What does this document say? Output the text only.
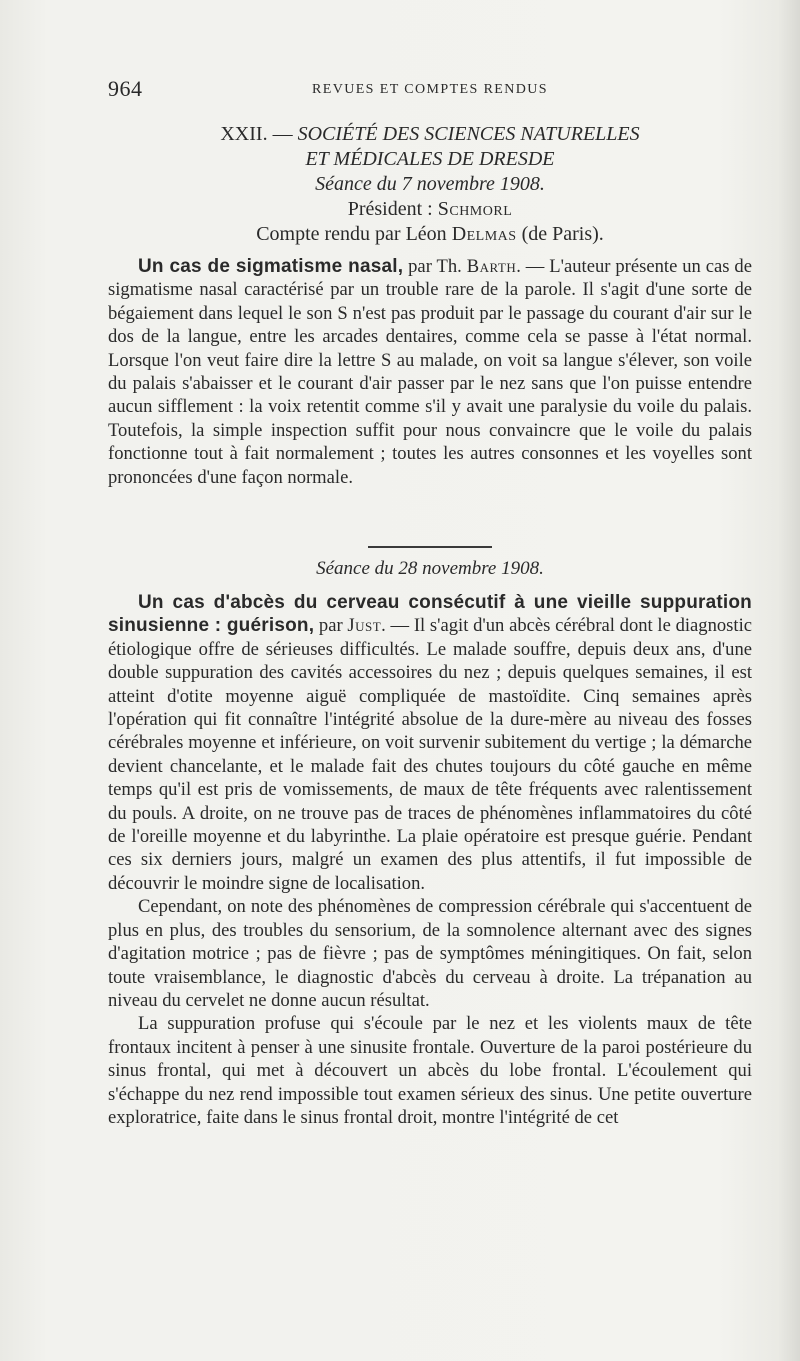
964	REVUES ET COMPTES RENDUS
XXII. — SOCIÉTÉ DES SCIENCES NATURELLES
ET MÉDICALES DE DRESDE
Séance du 7 novembre 1908.
Président : Schmorl
Compte rendu par Léon Delmas (de Paris).

Un cas de sigmatisme nasal, par Th. Barth. — L'auteur présente un cas de sigmatisme nasal caractérisé par un trouble rare de la parole. Il s'agit d'une sorte de bégaiement dans lequel le son S n'est pas produit par le passage du courant d'air sur le dos de la langue, entre les arcades dentaires, comme cela se passe à l'état normal. Lorsque l'on veut faire dire la lettre S au malade, on voit sa langue s'élever, son voile du palais s'abaisser et le courant d'air passer par le nez sans que l'on puisse entendre aucun sifflement : la voix retentit comme s'il y avait une paralysie du voile du palais. Toutefois, la simple inspection suffit pour nous convaincre que le voile du palais fonctionne tout à fait normalement ; toutes les autres consonnes et les voyelles sont prononcées d'une façon normale.

Séance du 28 novembre 1908.

Un cas d'abcès du cerveau consécutif à une vieille suppuration sinusienne : guérison, par Just. — Il s'agit d'un abcès cérébral dont le diagnostic étiologique offre de sérieuses difficultés. Le malade souffre, depuis deux ans, d'une double suppuration des cavités accessoires du nez ; depuis quelques semaines, il est atteint d'otite moyenne aiguë compliquée de mastoïdite. Cinq semaines après l'opération qui fit connaître l'intégrité absolue de la dure-mère au niveau des fosses cérébrales moyenne et inférieure, on voit survenir subitement du vertige ; la démarche devient chancelante, et le malade fait des chutes toujours du côté gauche en même temps qu'il est pris de vomissements, de maux de tête fréquents avec ralentissement du pouls. A droite, on ne trouve pas de traces de phénomènes inflammatoires du côté de l'oreille moyenne et du labyrinthe. La plaie opératoire est presque guérie. Pendant ces six derniers jours, malgré un examen des plus attentifs, il fut impossible de découvrir le moindre signe de localisation.

Cependant, on note des phénomènes de compression cérébrale qui s'accentuent de plus en plus, des troubles du sensorium, de la somnolence alternant avec des signes d'agitation motrice ; pas de fièvre ; pas de symptômes méningitiques. On fait, selon toute vraisemblance, le diagnostic d'abcès du cerveau à droite. La trépanation au niveau du cervelet ne donne aucun résultat.

La suppuration profuse qui s'écoule par le nez et les violents maux de tête frontaux incitent à penser à une sinusite frontale. Ouverture de la paroi postérieure du sinus frontal, qui met à découvert un abcès du lobe frontal. L'écoulement qui s'échappe du nez rend impossible tout examen sérieux des sinus. Une petite ouverture exploratrice, faite dans le sinus frontal droit, montre l'intégrité de cet
